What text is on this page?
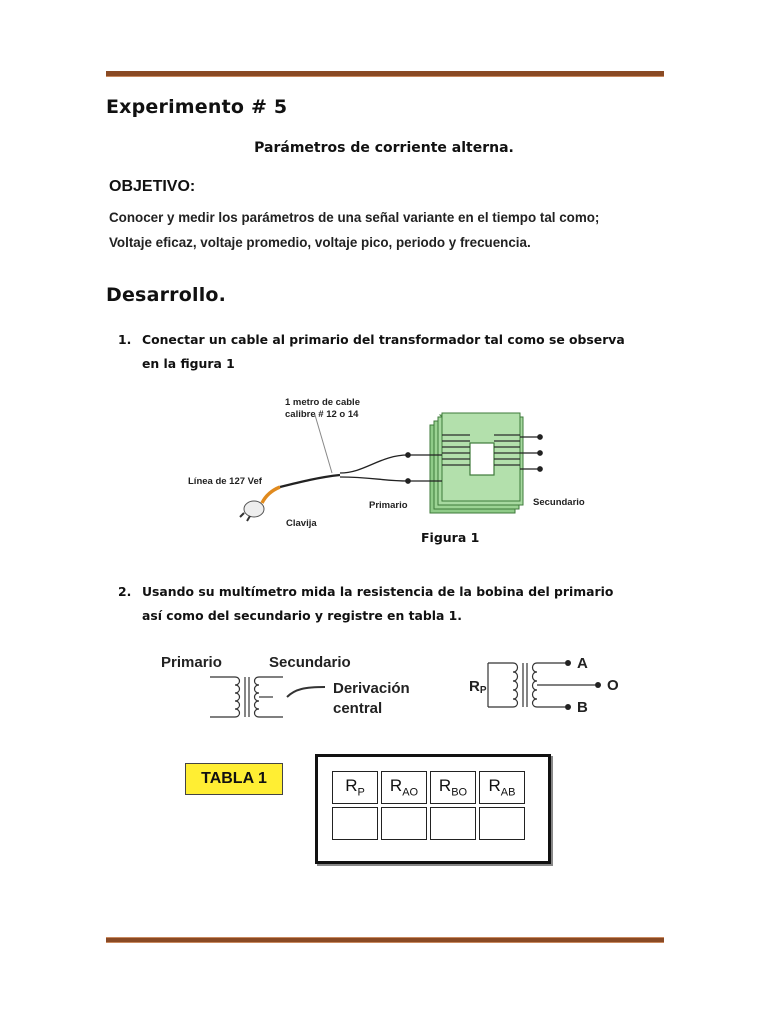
Experimento # 5
Parámetros de corriente alterna.
OBJETIVO:
Conocer y medir los parámetros de una señal variante en el tiempo tal como;
Voltaje eficaz, voltaje promedio, voltaje pico, periodo y frecuencia.
Desarrollo.
1. Conectar un cable al primario del transformador tal como se observa
en la figura 1
1 metro de cable
calibre # 12 o 14
Línea de 127 Vef
Primario	Secundario
Clavija
Figura 1
2. Usando su multímetro mida la resistencia de la bobina del primario
así como del secundario y registre en tabla 1.
Primario	Secundario
Derivación
central
RP
A
O
B
TABLA 1	$R_P$	$R_{AO}$	$R_{BO}$	$R_{AB}$
